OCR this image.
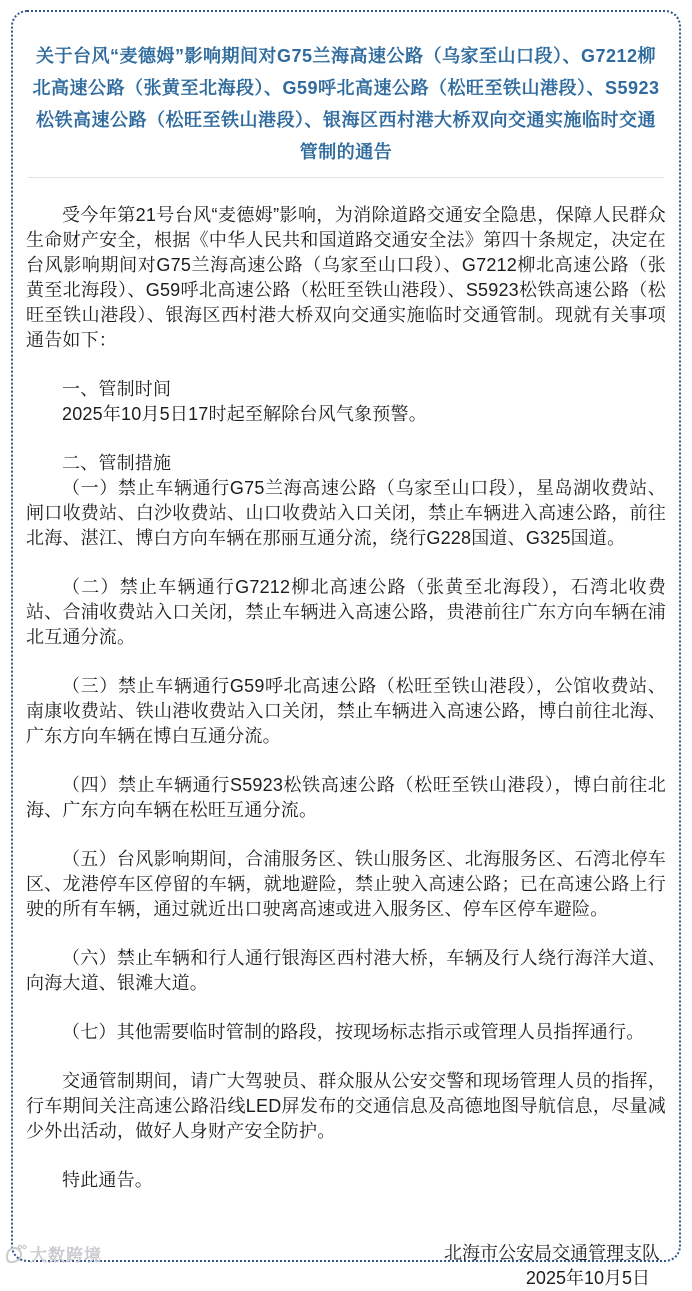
关于台风“麦德姆”影响期间对G75兰海高速公路（乌家至山口段）、G7212柳北高速公路（张黄至北海段）、G59呼北高速公路（松旺至铁山港段）、S5923松铁高速公路（松旺至铁山港段）、银海区西村港大桥双向交通实施临时交通管制的通告

受今年第21号台风“麦德姆”影响，为消除道路交通安全隐患，保障人民群众生命财产安全，根据《中华人民共和国道路交通安全法》第四十条规定，决定在台风影响期间对G75兰海高速公路（乌家至山口段）、G7212柳北高速公路（张黄至北海段）、G59呼北高速公路（松旺至铁山港段）、S5923松铁高速公路（松旺至铁山港段）、银海区西村港大桥双向交通实施临时交通管制。现就有关事项通告如下：

一、管制时间

2025年10月5日17时起至解除台风气象预警。

二、管制措施

（一）禁止车辆通行G75兰海高速公路（乌家至山口段），星岛湖收费站、闸口收费站、白沙收费站、山口收费站入口关闭，禁止车辆进入高速公路，前往北海、湛江、博白方向车辆在那丽互通分流，绕行G228国道、G325国道。

（二）禁止车辆通行G7212柳北高速公路（张黄至北海段），石湾北收费站、合浦收费站入口关闭，禁止车辆进入高速公路，贵港前往广东方向车辆在浦北互通分流。

（三）禁止车辆通行G59呼北高速公路（松旺至铁山港段），公馆收费站、南康收费站、铁山港收费站入口关闭，禁止车辆进入高速公路，博白前往北海、广东方向车辆在博白互通分流。

（四）禁止车辆通行S5923松铁高速公路（松旺至铁山港段），博白前往北海、广东方向车辆在松旺互通分流。

（五）台风影响期间，合浦服务区、铁山服务区、北海服务区、石湾北停车区、龙港停车区停留的车辆，就地避险，禁止驶入高速公路；已在高速公路上行驶的所有车辆，通过就近出口驶离高速或进入服务区、停车区停车避险。

（六）禁止车辆和行人通行银海区西村港大桥，车辆及行人绕行海洋大道、向海大道、银滩大道。

（七）其他需要临时管制的路段，按现场标志指示或管理人员指挥通行。

交通管制期间，请广大驾驶员、群众服从公安交警和现场管理人员的指挥，行车期间关注高速公路沿线LED屏发布的交通信息及高德地图导航信息，尽量减少外出活动，做好人身财产安全防护。

特此通告。

北海市公安局交通管理支队
2025年10月5日
大数跨境
